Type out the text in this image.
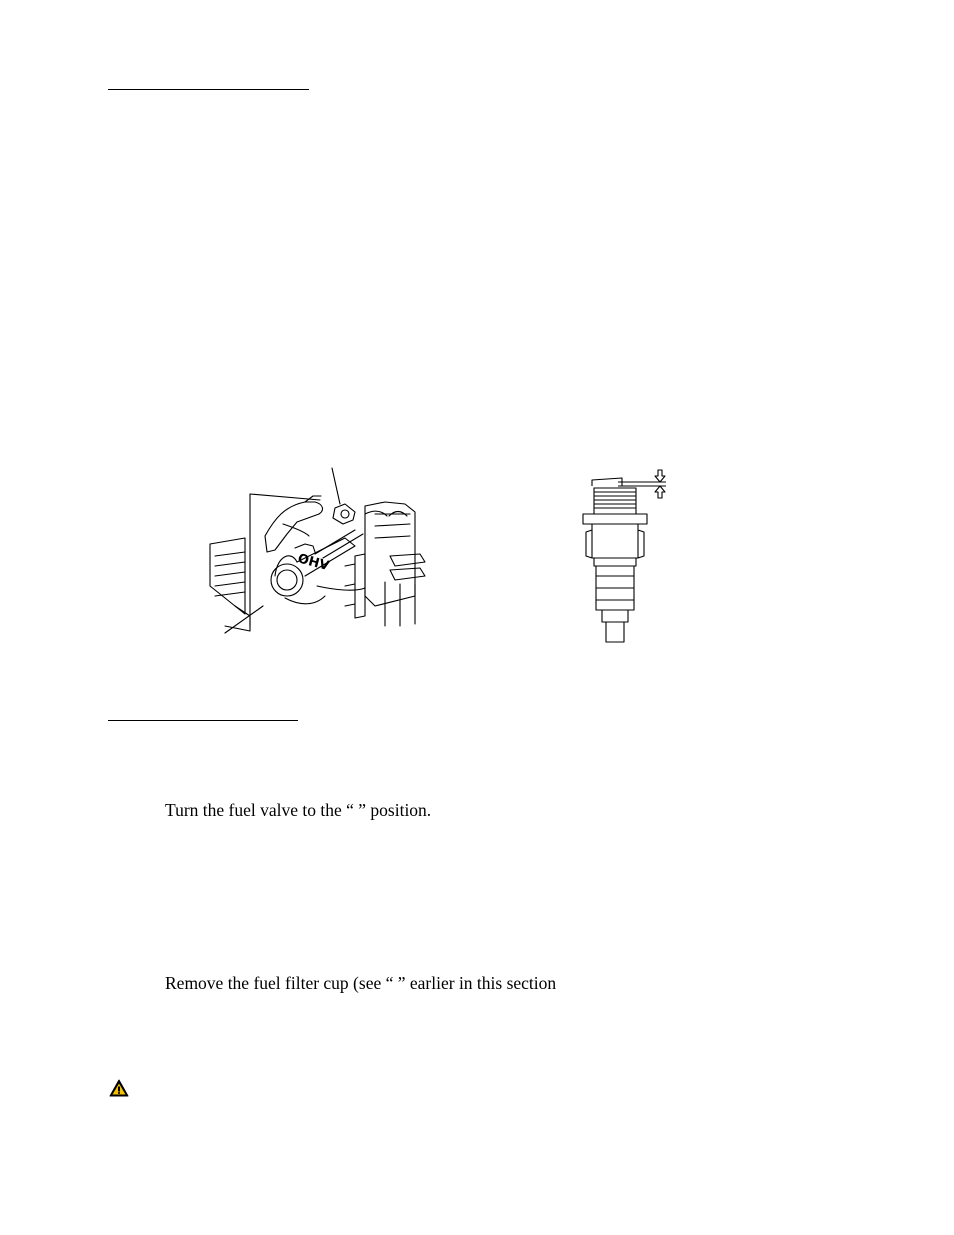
OHV
Turn the fuel valve to the “ ” position.
Remove the fuel filter cup (see “ ” earlier in this section
